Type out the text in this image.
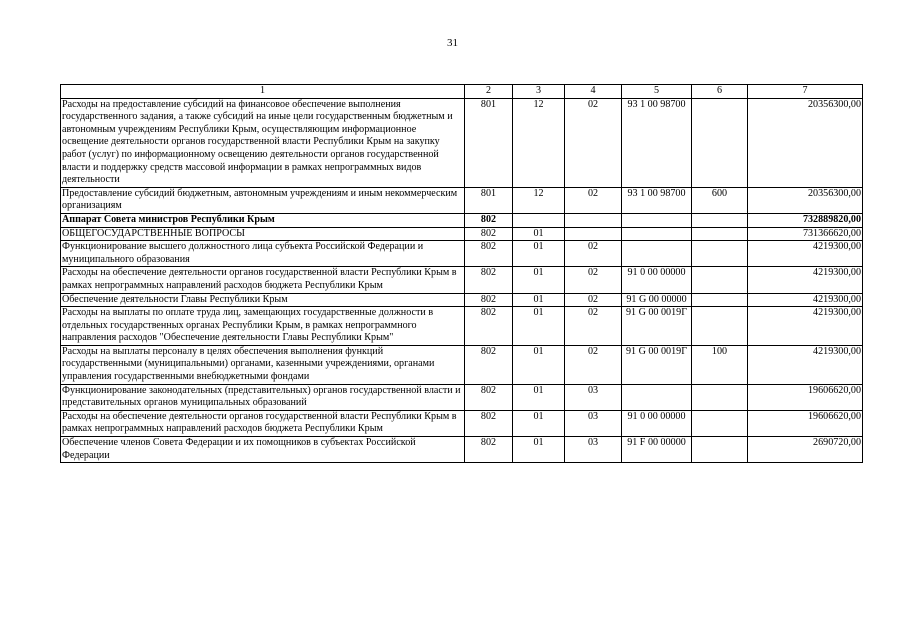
31
1	2	3	4	5	6	7
Расходы на предоставление субсидий на финансовое обеспечение выполнения государственного задания, а также субсидий на иные цели государственным бюджетным и автономным учреждениям Республики Крым, осуществляющим информационное освещение деятельности органов государственной власти Республики Крым на закупку работ (услуг) по информационному освещению деятельности органов государственной власти и поддержку средств массовой информации в рамках непрограммных видов деятельности	801	12	02	93 1 00 98700		20356300,00
Предоставление субсидий бюджетным, автономным учреждениям и иным некоммерческим организациям	801	12	02	93 1 00 98700	600	20356300,00
Аппарат Совета министров Республики Крым	802					732889820,00
ОБЩЕГОСУДАРСТВЕННЫЕ ВОПРОСЫ	802	01				731366620,00
Функционирование высшего должностного лица субъекта Российской Федерации и муниципального образования	802	01	02			4219300,00
Расходы на обеспечение деятельности органов государственной власти Республики Крым в рамках непрограммных направлений расходов бюджета Республики Крым	802	01	02	91 0 00 00000		4219300,00
Обеспечение деятельности Главы Республики Крым	802	01	02	91 G 00 00000		4219300,00
Расходы на выплаты по оплате труда лиц, замещающих государственные должности в отдельных государственных органах Республики Крым, в рамках непрограммного направления расходов "Обеспечение деятельности Главы Республики Крым"	802	01	02	91 G 00 0019Г		4219300,00
Расходы на выплаты персоналу в целях обеспечения выполнения функций государственными (муниципальными) органами, казенными учреждениями, органами управления государственными внебюджетными фондами	802	01	02	91 G 00 0019Г	100	4219300,00
Функционирование законодательных (представительных) органов государственной власти и представительных органов муниципальных образований	802	01	03			19606620,00
Расходы на обеспечение деятельности органов государственной власти Республики Крым в рамках непрограммных направлений расходов бюджета Республики Крым	802	01	03	91 0 00 00000		19606620,00
Обеспечение членов Совета Федерации и их помощников в субъектах Российской Федерации	802	01	03	91 F 00 00000		2690720,00
